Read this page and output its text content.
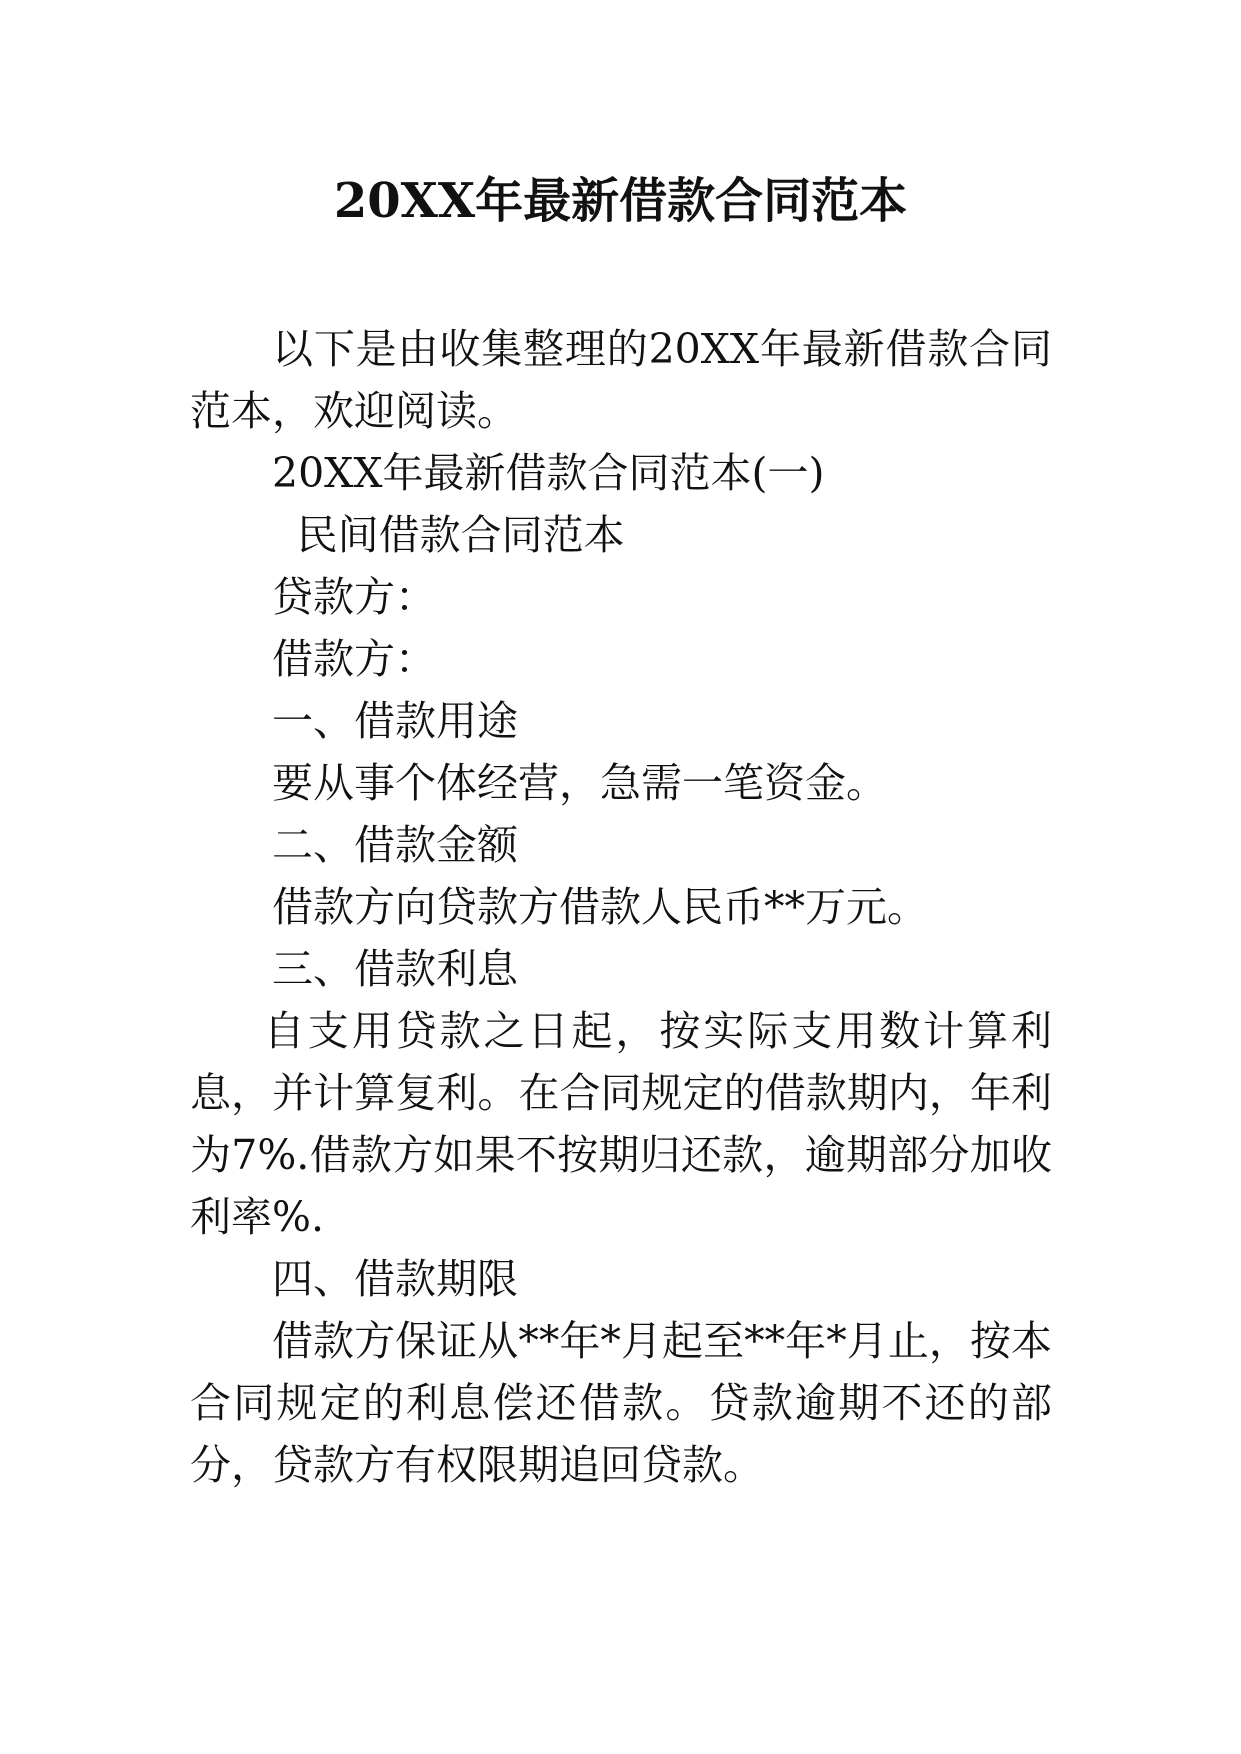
20XX年最新借款合同范本

以下是由收集整理的20XX年最新借款合同范本，欢迎阅读。

20XX年最新借款合同范本(一)

民间借款合同范本

贷款方：

借款方：

一、借款用途

要从事个体经营，急需一笔资金。

二、借款金额

借款方向贷款方借款人民币**万元。

三、借款利息

自支用贷款之日起，按实际支用数计算利息，并计算复利。在合同规定的借款期内，年利为7%.借款方如果不按期归还款，逾期部分加收利率%.

四、借款期限

借款方保证从**年*月起至**年*月止，按本合同规定的利息偿还借款。贷款逾期不还的部分，贷款方有权限期追回贷款。
